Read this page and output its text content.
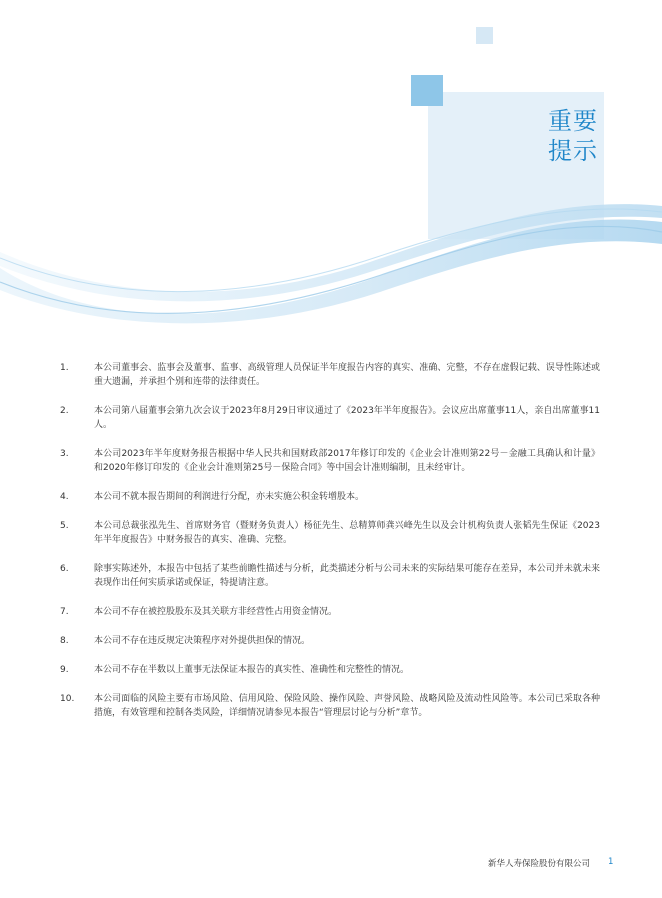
重要
提示
1.	本公司董事会、监事会及董事、监事、高级管理人员保证半年度报告内容的真实、准确、完整，不存在虚假记载、误导性陈述或重大遗漏，并承担个别和连带的法律责任。
2.	本公司第八届董事会第九次会议于2023年8月29日审议通过了《2023年半年度报告》。会议应出席董事11人，亲自出席董事11人。
3.	本公司2023年半年度财务报告根据中华人民共和国财政部2017年修订印发的《企业会计准则第22号－金融工具确认和计量》和2020年修订印发的《企业会计准则第25号－保险合同》等中国会计准则编制，且未经审计。
4.	本公司不就本报告期间的利润进行分配，亦未实施公积金转增股本。
5.	本公司总裁张泓先生、首席财务官（暨财务负责人）杨征先生、总精算师龚兴峰先生以及会计机构负责人张韬先生保证《2023年半年度报告》中财务报告的真实、准确、完整。
6.	除事实陈述外，本报告中包括了某些前瞻性描述与分析，此类描述分析与公司未来的实际结果可能存在差异，本公司并未就未来表现作出任何实质承诺或保证，特提请注意。
7.	本公司不存在被控股股东及其关联方非经营性占用资金情况。
8.	本公司不存在违反规定决策程序对外提供担保的情况。
9.	本公司不存在半数以上董事无法保证本报告的真实性、准确性和完整性的情况。
10.	本公司面临的风险主要有市场风险、信用风险、保险风险、操作风险、声誉风险、战略风险及流动性风险等。本公司已采取各种措施，有效管理和控制各类风险，详细情况请参见本报告“管理层讨论与分析”章节。
新华人寿保险股份有限公司 1
